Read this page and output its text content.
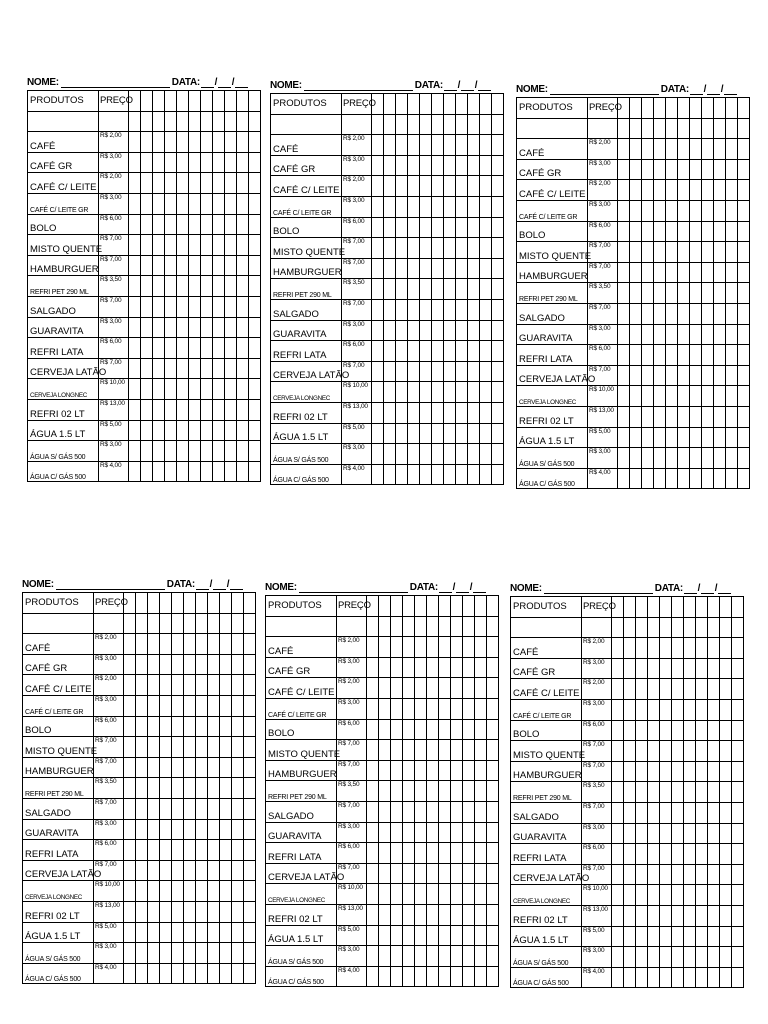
NOME:	DATA: / /
PRODUTOS	PREÇO											

CAFÉ	R$ 2,00											
CAFÉ GR	R$ 3,00											
CAFÉ C/ LEITE	R$ 2,00											
CAFÉ C/ LEITE GR	R$ 3,00											
BOLO	R$ 6,00											
MISTO QUENTE	R$ 7,00											
HAMBURGUER	R$ 7,00											
REFRI PET 290 ML	R$ 3,50											
SALGADO	R$ 7,00											
GUARAVITA	R$ 3,00											
REFRI LATA	R$ 6,00											
CERVEJA LATÃO	R$ 7,00											
CERVEJA LONGNEC	R$ 10,00											
REFRI 02 LT	R$ 13,00											
ÁGUA 1.5 LT	R$ 5,00											
ÁGUA S/ GÁS 500	R$ 3,00											
ÁGUA C/ GÁS 500	R$ 4,00											
NOME:	DATA: / /
PRODUTOS	PREÇO											

CAFÉ	R$ 2,00											
CAFÉ GR	R$ 3,00											
CAFÉ C/ LEITE	R$ 2,00											
CAFÉ C/ LEITE GR	R$ 3,00											
BOLO	R$ 6,00											
MISTO QUENTE	R$ 7,00											
HAMBURGUER	R$ 7,00											
REFRI PET 290 ML	R$ 3,50											
SALGADO	R$ 7,00											
GUARAVITA	R$ 3,00											
REFRI LATA	R$ 6,00											
CERVEJA LATÃO	R$ 7,00											
CERVEJA LONGNEC	R$ 10,00											
REFRI 02 LT	R$ 13,00											
ÁGUA 1.5 LT	R$ 5,00											
ÁGUA S/ GÁS 500	R$ 3,00											
ÁGUA C/ GÁS 500	R$ 4,00											
NOME:	DATA: / /
PRODUTOS	PREÇO											

CAFÉ	R$ 2,00											
CAFÉ GR	R$ 3,00											
CAFÉ C/ LEITE	R$ 2,00											
CAFÉ C/ LEITE GR	R$ 3,00											
BOLO	R$ 6,00											
MISTO QUENTE	R$ 7,00											
HAMBURGUER	R$ 7,00											
REFRI PET 290 ML	R$ 3,50											
SALGADO	R$ 7,00											
GUARAVITA	R$ 3,00											
REFRI LATA	R$ 6,00											
CERVEJA LATÃO	R$ 7,00											
CERVEJA LONGNEC	R$ 10,00											
REFRI 02 LT	R$ 13,00											
ÁGUA 1.5 LT	R$ 5,00											
ÁGUA S/ GÁS 500	R$ 3,00											
ÁGUA C/ GÁS 500	R$ 4,00											
NOME:	DATA: / /
PRODUTOS	PREÇO											

CAFÉ	R$ 2,00											
CAFÉ GR	R$ 3,00											
CAFÉ C/ LEITE	R$ 2,00											
CAFÉ C/ LEITE GR	R$ 3,00											
BOLO	R$ 6,00											
MISTO QUENTE	R$ 7,00											
HAMBURGUER	R$ 7,00											
REFRI PET 290 ML	R$ 3,50											
SALGADO	R$ 7,00											
GUARAVITA	R$ 3,00											
REFRI LATA	R$ 6,00											
CERVEJA LATÃO	R$ 7,00											
CERVEJA LONGNEC	R$ 10,00											
REFRI 02 LT	R$ 13,00											
ÁGUA 1.5 LT	R$ 5,00											
ÁGUA S/ GÁS 500	R$ 3,00											
ÁGUA C/ GÁS 500	R$ 4,00											
NOME:	DATA: / /
PRODUTOS	PREÇO											

CAFÉ	R$ 2,00											
CAFÉ GR	R$ 3,00											
CAFÉ C/ LEITE	R$ 2,00											
CAFÉ C/ LEITE GR	R$ 3,00											
BOLO	R$ 6,00											
MISTO QUENTE	R$ 7,00											
HAMBURGUER	R$ 7,00											
REFRI PET 290 ML	R$ 3,50											
SALGADO	R$ 7,00											
GUARAVITA	R$ 3,00											
REFRI LATA	R$ 6,00											
CERVEJA LATÃO	R$ 7,00											
CERVEJA LONGNEC	R$ 10,00											
REFRI 02 LT	R$ 13,00											
ÁGUA 1.5 LT	R$ 5,00											
ÁGUA S/ GÁS 500	R$ 3,00											
ÁGUA C/ GÁS 500	R$ 4,00											
NOME:	DATA: / /
PRODUTOS	PREÇO											

CAFÉ	R$ 2,00											
CAFÉ GR	R$ 3,00											
CAFÉ C/ LEITE	R$ 2,00											
CAFÉ C/ LEITE GR	R$ 3,00											
BOLO	R$ 6,00											
MISTO QUENTE	R$ 7,00											
HAMBURGUER	R$ 7,00											
REFRI PET 290 ML	R$ 3,50											
SALGADO	R$ 7,00											
GUARAVITA	R$ 3,00											
REFRI LATA	R$ 6,00											
CERVEJA LATÃO	R$ 7,00											
CERVEJA LONGNEC	R$ 10,00											
REFRI 02 LT	R$ 13,00											
ÁGUA 1.5 LT	R$ 5,00											
ÁGUA S/ GÁS 500	R$ 3,00											
ÁGUA C/ GÁS 500	R$ 4,00											
